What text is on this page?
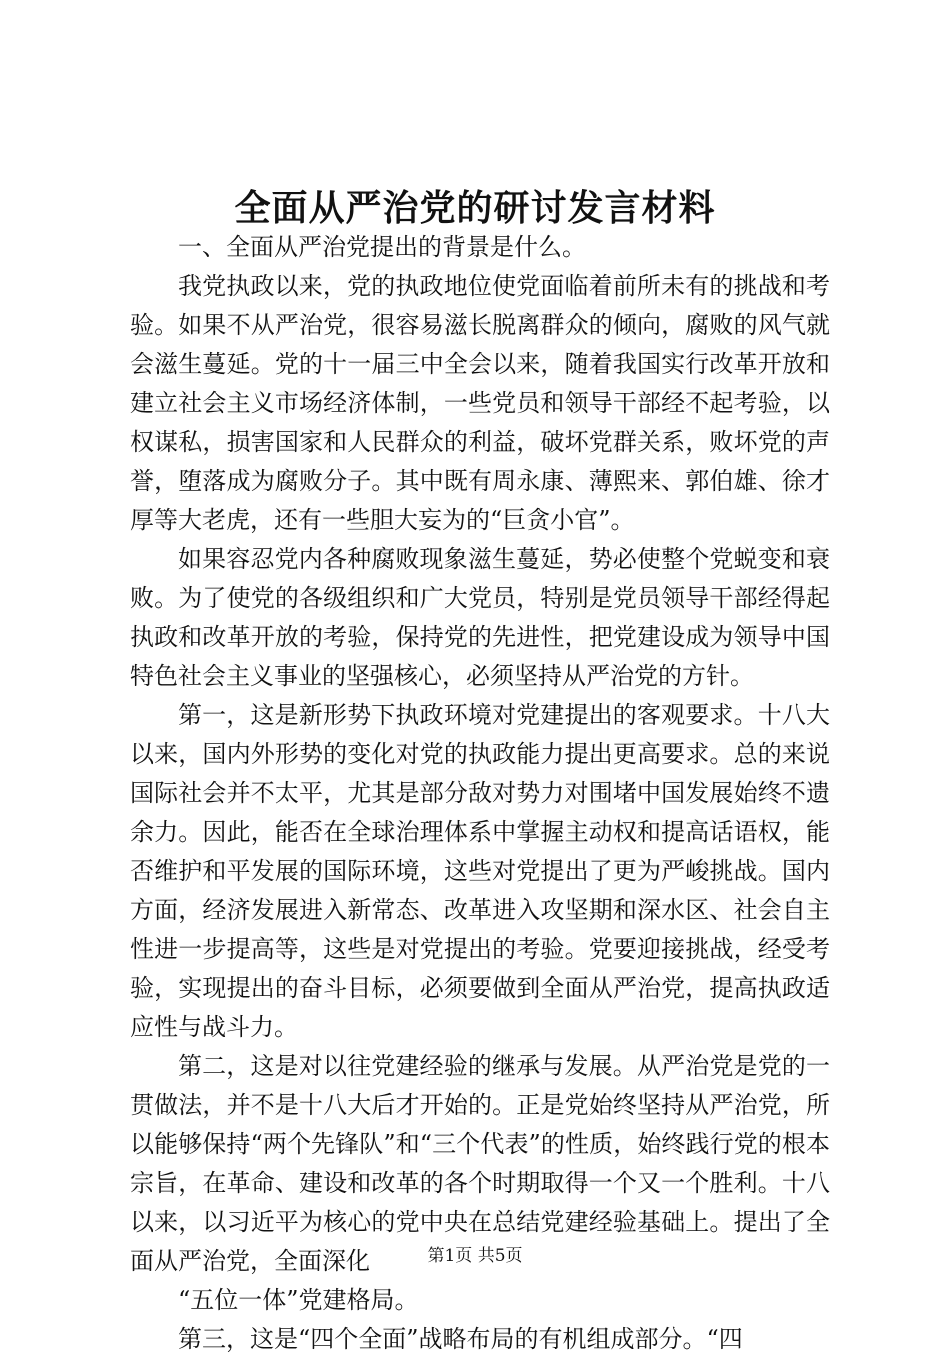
全面从严治党的研讨发言材料

一、全面从严治党提出的背景是什么。

我党执政以来，党的执政地位使党面临着前所未有的挑战和考验。如果不从严治党，很容易滋长脱离群众的倾向，腐败的风气就会滋生蔓延。党的十一届三中全会以来，随着我国实行改革开放和建立社会主义市场经济体制，一些党员和领导干部经不起考验，以权谋私，损害国家和人民群众的利益，破坏党群关系，败坏党的声誉，堕落成为腐败分子。其中既有周永康、薄熙来、郭伯雄、徐才厚等大老虎，还有一些胆大妄为的“巨贪小官”。

如果容忍党内各种腐败现象滋生蔓延，势必使整个党蜕变和衰败。为了使党的各级组织和广大党员，特别是党员领导干部经得起执政和改革开放的考验，保持党的先进性，把党建设成为领导中国特色社会主义事业的坚强核心，必须坚持从严治党的方针。

第一，这是新形势下执政环境对党建提出的客观要求。十八大以来，国内外形势的变化对党的执政能力提出更高要求。总的来说国际社会并不太平，尤其是部分敌对势力对围堵中国发展始终不遗余力。因此，能否在全球治理体系中掌握主动权和提高话语权，能否维护和平发展的国际环境，这些对党提出了更为严峻挑战。国内方面，经济发展进入新常态、改革进入攻坚期和深水区、社会自主性进一步提高等，这些是对党提出的考验。党要迎接挑战，经受考验，实现提出的奋斗目标，必须要做到全面从严治党，提高执政适应性与战斗力。

第二，这是对以往党建经验的继承与发展。从严治党是党的一贯做法，并不是十八大后才开始的。正是党始终坚持从严治党，所以能够保持“两个先锋队”和“三个代表”的性质，始终践行党的根本宗旨，在革命、建设和改革的各个时期取得一个又一个胜利。十八以来，以习近平为核心的党中央在总结党建经验基础上。提出了全面从严治党，全面深化

“五位一体”党建格局。

第三，这是“四个全面”战略布局的有机组成部分。“四

第1页 共5页
